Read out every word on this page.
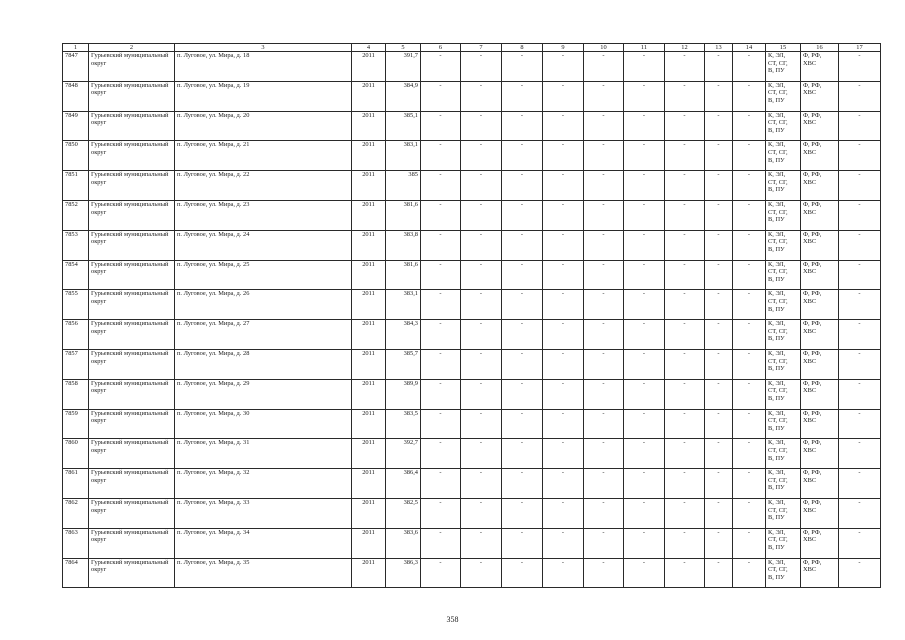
1	2	3	4	5	6	7	8	9	10	11	12	13	14	15	16	17
7847	Гурьевский муниципальный округ	п. Луговое, ул. Мира, д. 18	2011	391,7	-	-	-	-	-	-	-	-	-	К, ЭЛ,
СТ, СГ,
В, ПУ	Ф, РФ,
ХВС	-
7848	Гурьевский муниципальный округ	п. Луговое, ул. Мира, д. 19	2011	384,9	-	-	-	-	-	-	-	-	-	К, ЭЛ,
СТ, СГ,
В, ПУ	Ф, РФ,
ХВС	-
7849	Гурьевский муниципальный округ	п. Луговое, ул. Мира, д. 20	2011	385,1	-	-	-	-	-	-	-	-	-	К, ЭЛ,
СТ, СГ,
В, ПУ	Ф, РФ,
ХВС	-
7850	Гурьевский муниципальный округ	п. Луговое, ул. Мира, д. 21	2011	383,1	-	-	-	-	-	-	-	-	-	К, ЭЛ,
СТ, СГ,
В, ПУ	Ф, РФ,
ХВС	-
7851	Гурьевский муниципальный округ	п. Луговое, ул. Мира, д. 22	2011	385	-	-	-	-	-	-	-	-	-	К, ЭЛ,
СТ, СГ,
В, ПУ	Ф, РФ,
ХВС	-
7852	Гурьевский муниципальный округ	п. Луговое, ул. Мира, д. 23	2011	381,6	-	-	-	-	-	-	-	-	-	К, ЭЛ,
СТ, СГ,
В, ПУ	Ф, РФ,
ХВС	-
7853	Гурьевский муниципальный округ	п. Луговое, ул. Мира, д. 24	2011	383,8	-	-	-	-	-	-	-	-	-	К, ЭЛ,
СТ, СГ,
В, ПУ	Ф, РФ,
ХВС	-
7854	Гурьевский муниципальный округ	п. Луговое, ул. Мира, д. 25	2011	381,6	-	-	-	-	-	-	-	-	-	К, ЭЛ,
СТ, СГ,
В, ПУ	Ф, РФ,
ХВС	-
7855	Гурьевский муниципальный округ	п. Луговое, ул. Мира, д. 26	2011	383,1	-	-	-	-	-	-	-	-	-	К, ЭЛ,
СТ, СГ,
В, ПУ	Ф, РФ,
ХВС	-
7856	Гурьевский муниципальный округ	п. Луговое, ул. Мира, д. 27	2011	384,3	-	-	-	-	-	-	-	-	-	К, ЭЛ,
СТ, СГ,
В, ПУ	Ф, РФ,
ХВС	-
7857	Гурьевский муниципальный округ	п. Луговое, ул. Мира, д. 28	2011	385,7	-	-	-	-	-	-	-	-	-	К, ЭЛ,
СТ, СГ,
В, ПУ	Ф, РФ,
ХВС	-
7858	Гурьевский муниципальный округ	п. Луговое, ул. Мира, д. 29	2011	389,9	-	-	-	-	-	-	-	-	-	К, ЭЛ,
СТ, СГ,
В, ПУ	Ф, РФ,
ХВС	-
7859	Гурьевский муниципальный округ	п. Луговое, ул. Мира, д. 30	2011	383,5	-	-	-	-	-	-	-	-	-	К, ЭЛ,
СТ, СГ,
В, ПУ	Ф, РФ,
ХВС	-
7860	Гурьевский муниципальный округ	п. Луговое, ул. Мира, д. 31	2011	392,7	-	-	-	-	-	-	-	-	-	К, ЭЛ,
СТ, СГ,
В, ПУ	Ф, РФ,
ХВС	-
7861	Гурьевский муниципальный округ	п. Луговое, ул. Мира, д. 32	2011	386,4	-	-	-	-	-	-	-	-	-	К, ЭЛ,
СТ, СГ,
В, ПУ	Ф, РФ,
ХВС	-
7862	Гурьевский муниципальный округ	п. Луговое, ул. Мира, д. 33	2011	382,5	-	-	-	-	-	-	-	-	-	К, ЭЛ,
СТ, СГ,
В, ПУ	Ф, РФ,
ХВС	-
7863	Гурьевский муниципальный округ	п. Луговое, ул. Мира, д. 34	2011	383,6	-	-	-	-	-	-	-	-	-	К, ЭЛ,
СТ, СГ,
В, ПУ	Ф, РФ,
ХВС	-
7864	Гурьевский муниципальный округ	п. Луговое, ул. Мира, д. 35	2011	386,3	-	-	-	-	-	-	-	-	-	К, ЭЛ,
СТ, СГ,
В, ПУ	Ф, РФ,
ХВС	-
358
